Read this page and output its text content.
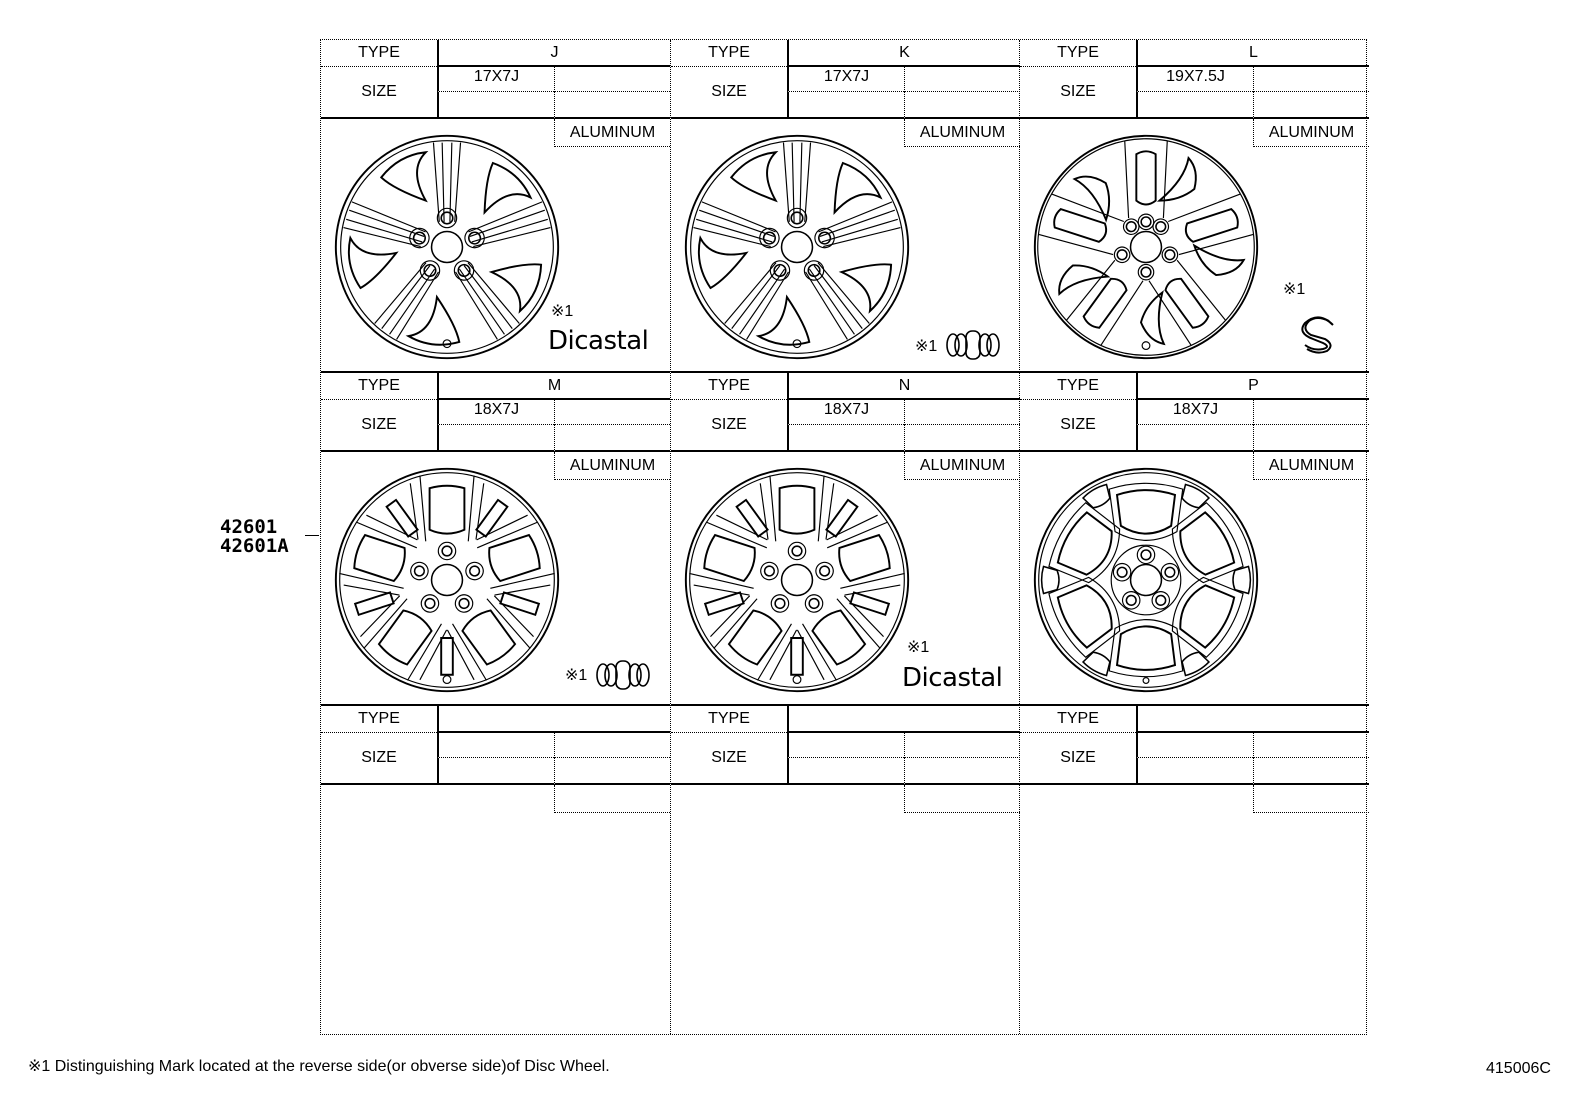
TYPE	J
SIZE
17X7J
※1
Dicastal
ALUMINUM
TYPE	M
SIZE
18X7J
※1
ALUMINUM
TYPE
SIZE
TYPE	K
SIZE
17X7J
※1
ALUMINUM
TYPE	N
SIZE
18X7J
※1
Dicastal
ALUMINUM
TYPE
SIZE
TYPE	L
SIZE
19X7.5J
※1
ALUMINUM
TYPE	P
SIZE
18X7J
ALUMINUM
TYPE
SIZE
42601
42601A
※1 Distinguishing Mark located at the reverse side(or obverse side)of Disc Wheel.	415006C
